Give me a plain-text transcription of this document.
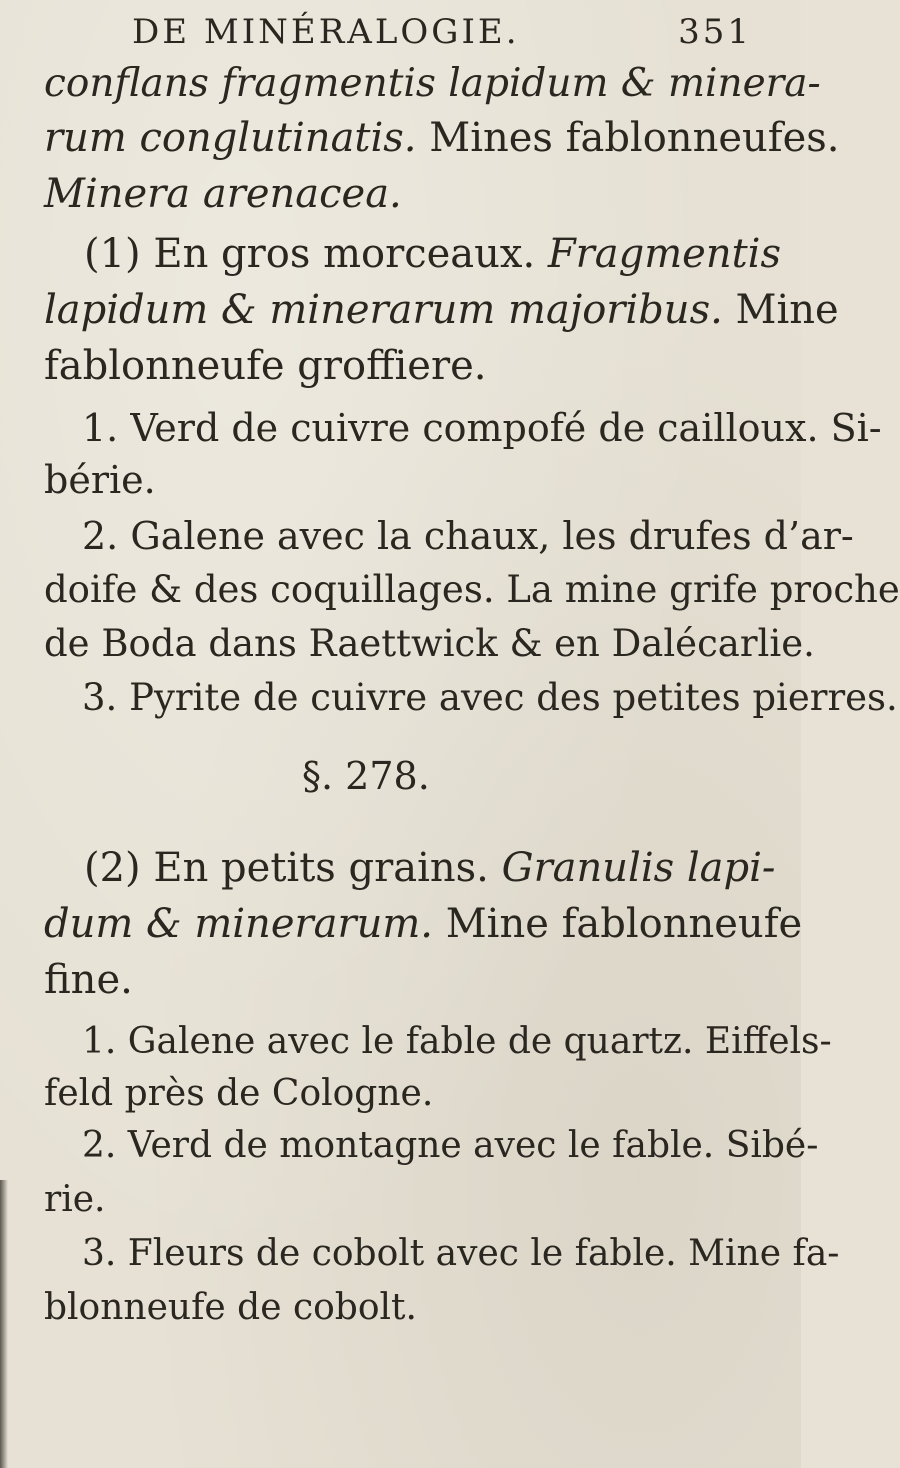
DE MINÉRALOGIE.	351
conflans fragmentis lapidum & minera-
rum conglutinatis. Mines fablonneufes.
Minera arenacea.
(1) En gros morceaux. Fragmentis
lapidum & minerarum majoribus. Mine
fablonneufe groffiere.
1. Verd de cuivre compofé de cailloux. Si-
bérie.
2. Galene avec la chaux, les drufes d’ar-
doife & des coquillages. La mine grife proche
de Boda dans Raettwick & en Dalécarlie.
3. Pyrite de cuivre avec des petites pierres.
§. 278.
(2) En petits grains. Granulis lapi-
dum & minerarum. Mine fablonneufe
fine.
1. Galene avec le fable de quartz. Eiffels-
feld près de Cologne.
2. Verd de montagne avec le fable. Sibé-
rie.
3. Fleurs de cobolt avec le fable. Mine fa-
blonneufe de cobolt.
